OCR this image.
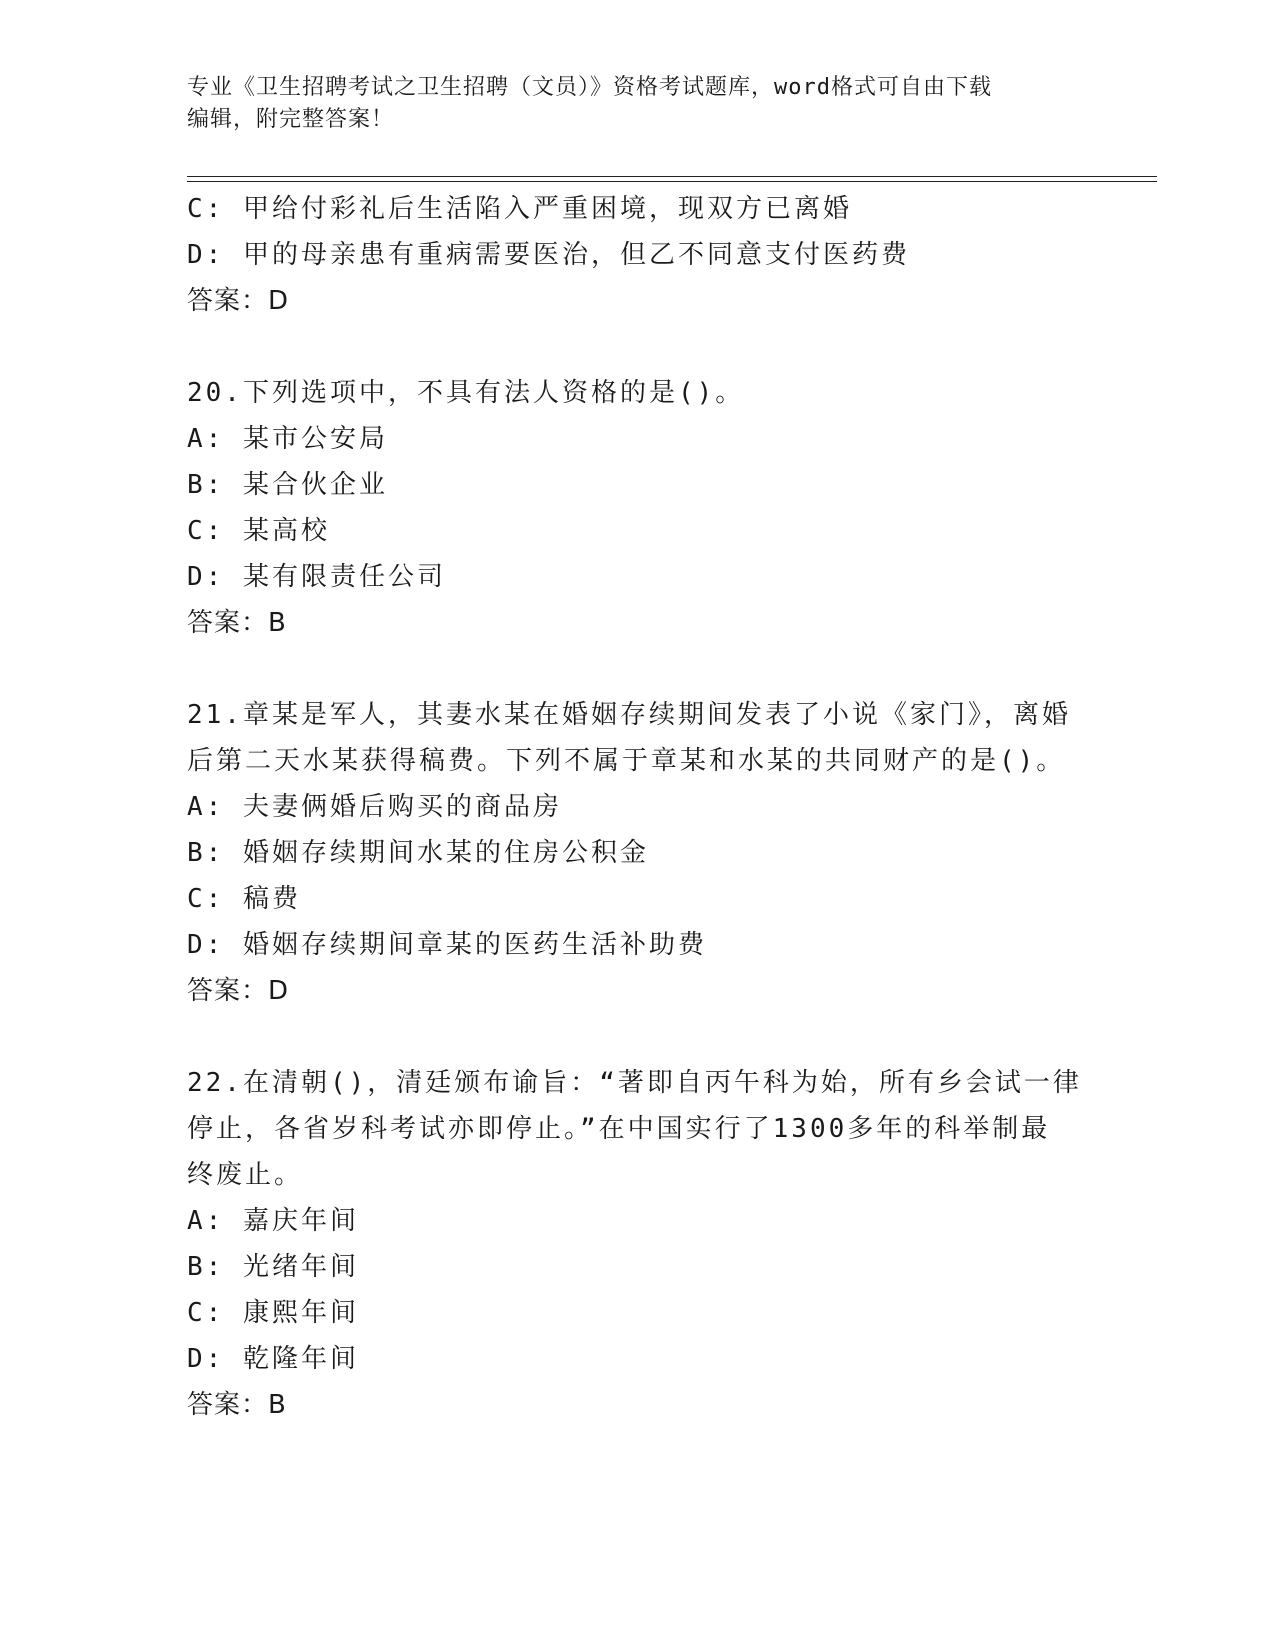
专业《卫生招聘考试之卫生招聘（文员）》资格考试题库，word格式可自由下载
编辑，附完整答案！
C: 甲给付彩礼后生活陷入严重困境，现双方已离婚
D: 甲的母亲患有重病需要医治，但乙不同意支付医药费
答案：D
20.下列选项中，不具有法人资格的是()。
A: 某市公安局
B: 某合伙企业
C: 某高校
D: 某有限责任公司
答案：B
21.章某是军人，其妻水某在婚姻存续期间发表了小说《家门》，离婚
后第二天水某获得稿费。下列不属于章某和水某的共同财产的是()。
A: 夫妻俩婚后购买的商品房
B: 婚姻存续期间水某的住房公积金
C: 稿费
D: 婚姻存续期间章某的医药生活补助费
答案：D
22.在清朝()，清廷颁布谕旨：“著即自丙午科为始，所有乡会试一律
停止，各省岁科考试亦即停止。”在中国实行了1300多年的科举制最
终废止。
A: 嘉庆年间
B: 光绪年间
C: 康熙年间
D: 乾隆年间
答案：B
